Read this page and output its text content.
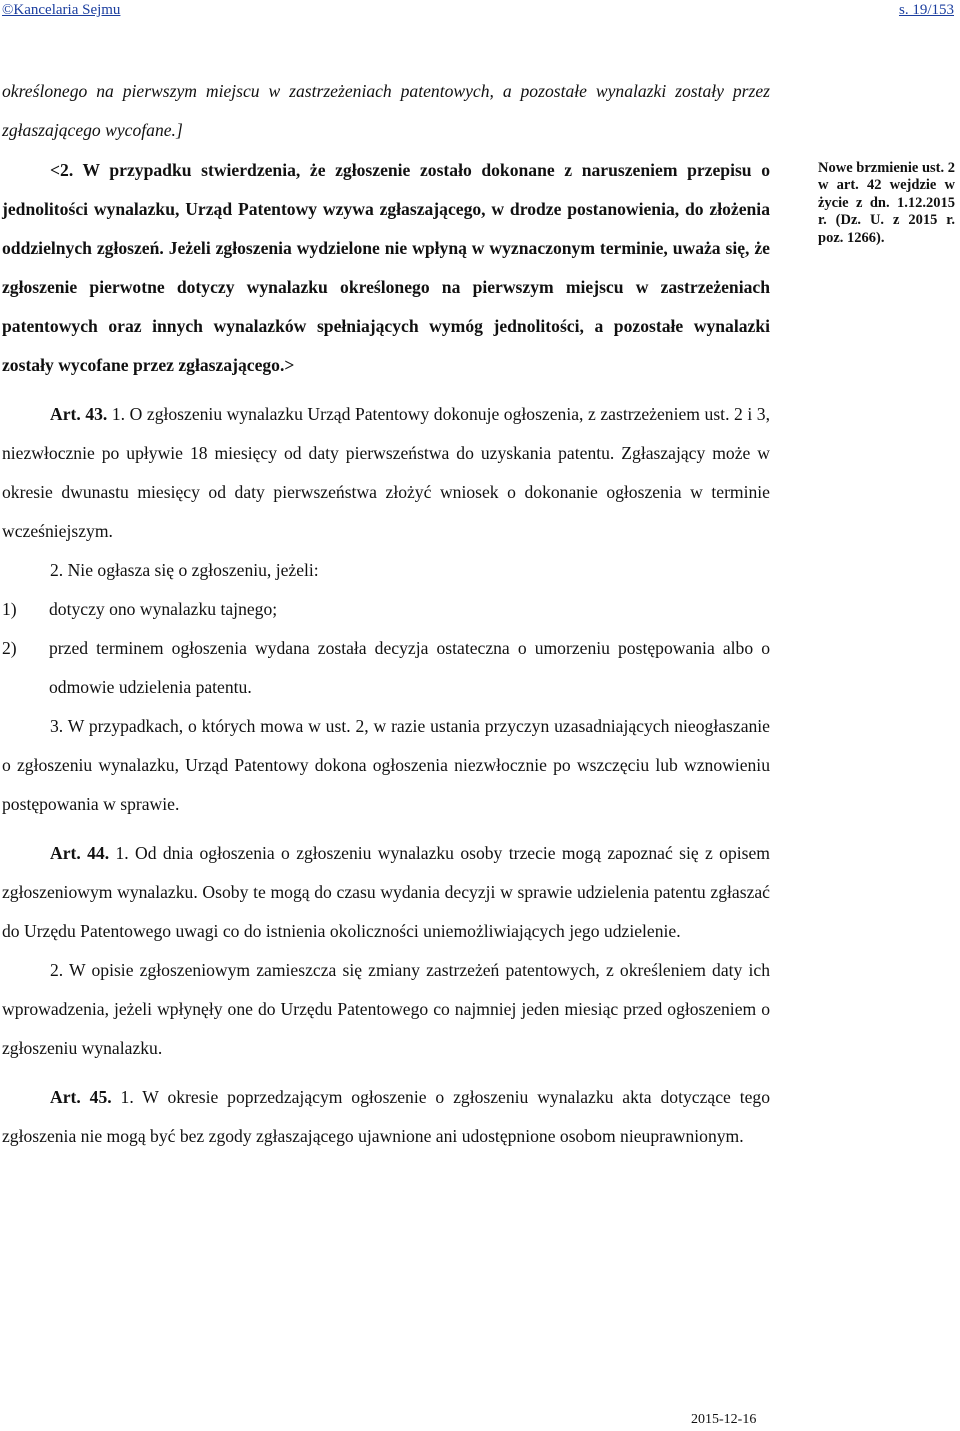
©Kancelaria Sejmu	s. 19/153

określonego na pierwszym miejscu w zastrzeżeniach patentowych, a pozostałe wynalazki zostały przez zgłaszającego wycofane.]

<2. W przypadku stwierdzenia, że zgłoszenie zostało dokonane z naruszeniem przepisu o jednolitości wynalazku, Urząd Patentowy wzywa zgłaszającego, w drodze postanowienia, do złożenia oddzielnych zgłoszeń. Jeżeli zgłoszenia wydzielone nie wpłyną w wyznaczonym terminie, uważa się, że zgłoszenie pierwotne dotyczy wynalazku określonego na pierwszym miejscu w zastrzeżeniach patentowych oraz innych wynalazków spełniających wymóg jednolitości, a pozostałe wynalazki zostały wycofane przez zgłaszającego.>

Art. 43. 1. O zgłoszeniu wynalazku Urząd Patentowy dokonuje ogłoszenia, z zastrzeżeniem ust. 2 i 3, niezwłocznie po upływie 18 miesięcy od daty pierwszeństwa do uzyskania patentu. Zgłaszający może w okresie dwunastu miesięcy od daty pierwszeństwa złożyć wniosek o dokonanie ogłoszenia w terminie wcześniejszym.

2. Nie ogłasza się o zgłoszeniu, jeżeli:

1) dotyczy ono wynalazku tajnego;
2) przed terminem ogłoszenia wydana została decyzja ostateczna o umorzeniu postępowania albo o odmowie udzielenia patentu.

3. W przypadkach, o których mowa w ust. 2, w razie ustania przyczyn uzasadniających nieogłaszanie o zgłoszeniu wynalazku, Urząd Patentowy dokona ogłoszenia niezwłocznie po wszczęciu lub wznowieniu postępowania w sprawie.

Art. 44. 1. Od dnia ogłoszenia o zgłoszeniu wynalazku osoby trzecie mogą zapoznać się z opisem zgłoszeniowym wynalazku. Osoby te mogą do czasu wydania decyzji w sprawie udzielenia patentu zgłaszać do Urzędu Patentowego uwagi co do istnienia okoliczności uniemożliwiających jego udzielenie.

2. W opisie zgłoszeniowym zamieszcza się zmiany zastrzeżeń patentowych, z określeniem daty ich wprowadzenia, jeżeli wpłynęły one do Urzędu Patentowego co najmniej jeden miesiąc przed ogłoszeniem o zgłoszeniu wynalazku.

Art. 45. 1. W okresie poprzedzającym ogłoszenie o zgłoszeniu wynalazku akta dotyczące tego zgłoszenia nie mogą być bez zgody zgłaszającego ujawnione ani udostępnione osobom nieuprawnionym.

Nowe brzmienie ust. 2 w art. 42 wejdzie w życie z dn. 1.12.2015 r. (Dz. U. z 2015 r. poz. 1266).
2015-12-16
